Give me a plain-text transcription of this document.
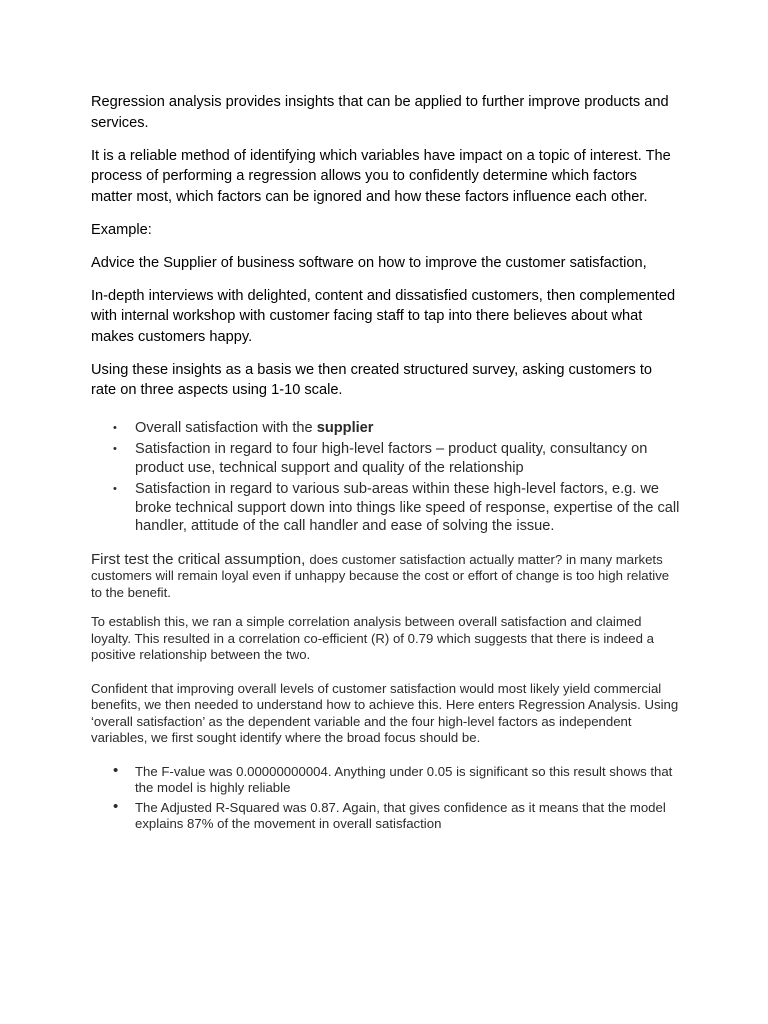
Regression analysis provides insights that can be applied to further improve products and services.

It is a reliable method of identifying which variables have impact on a topic of interest. The process of performing a regression allows you to confidently determine which factors matter most, which factors can be ignored and how these factors influence each other.

Example:

Advice the Supplier of business software on how to improve the customer satisfaction,

In-depth interviews with delighted, content and dissatisfied customers, then complemented with internal workshop with customer facing staff to tap into there believes about what makes customers happy.

Using these insights as a basis we then created structured survey, asking customers to rate on three aspects using 1-10 scale.

• Overall satisfaction with the supplier
• Satisfaction in regard to four high-level factors – product quality, consultancy on product use, technical support and quality of the relationship
• Satisfaction in regard to various sub-areas within these high-level factors, e.g. we broke technical support down into things like speed of response, expertise of the call handler, attitude of the call handler and ease of solving the issue.

First test the critical assumption, does customer satisfaction actually matter? in many markets customers will remain loyal even if unhappy because the cost or effort of change is too high relative to the benefit.

To establish this, we ran a simple correlation analysis between overall satisfaction and claimed loyalty. This resulted in a correlation co-efficient (R) of 0.79 which suggests that there is indeed a positive relationship between the two.

Confident that improving overall levels of customer satisfaction would most likely yield commercial benefits, we then needed to understand how to achieve this. Here enters Regression Analysis. Using ‘overall satisfaction’ as the dependent variable and the four high-level factors as independent variables, we first sought identify where the broad focus should be.

• The F-value was 0.00000000004. Anything under 0.05 is significant so this result shows that the model is highly reliable
• The Adjusted R-Squared was 0.87. Again, that gives confidence as it means that the model explains 87% of the movement in overall satisfaction
